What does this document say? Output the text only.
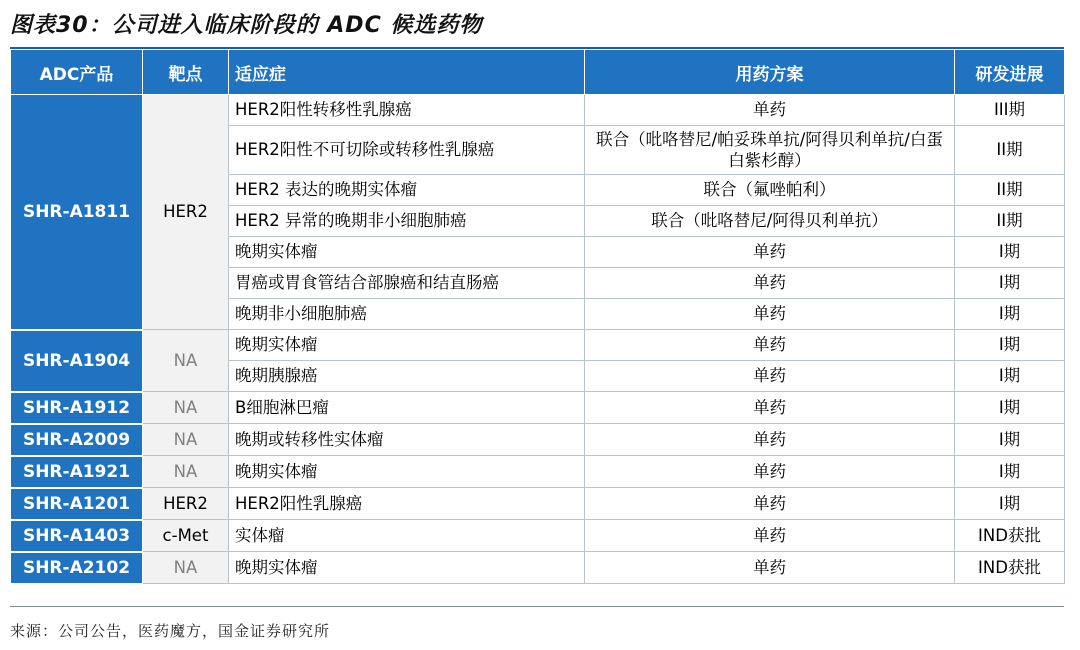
图表30：公司进入临床阶段的 ADC 候选药物
ADC产品	靶点	适应症	用药方案	研发进展
SHR-A1811	HER2	HER2阳性转移性乳腺癌	单药	III期
		HER2阳性不可切除或转移性乳腺癌	联合（吡咯替尼/帕妥珠单抗/阿得贝利单抗/白蛋白紫杉醇）	II期
		HER2 表达的晚期实体瘤	联合（氟唑帕利）	II期
		HER2 异常的晚期非小细胞肺癌	联合（吡咯替尼/阿得贝利单抗）	II期
		晚期实体瘤	单药	I期
		胃癌或胃食管结合部腺癌和结直肠癌	单药	I期
		晚期非小细胞肺癌	单药	I期
SHR-A1904	NA	晚期实体瘤	单药	I期
		晚期胰腺癌	单药	I期
SHR-A1912	NA	B细胞淋巴瘤	单药	I期
SHR-A2009	NA	晚期或转移性实体瘤	单药	I期
SHR-A1921	NA	晚期实体瘤	单药	I期
SHR-A1201	HER2	HER2阳性乳腺癌	单药	I期
SHR-A1403	c-Met	实体瘤	单药	IND获批
SHR-A2102	NA	晚期实体瘤	单药	IND获批
来源：公司公告，医药魔方，国金证券研究所
